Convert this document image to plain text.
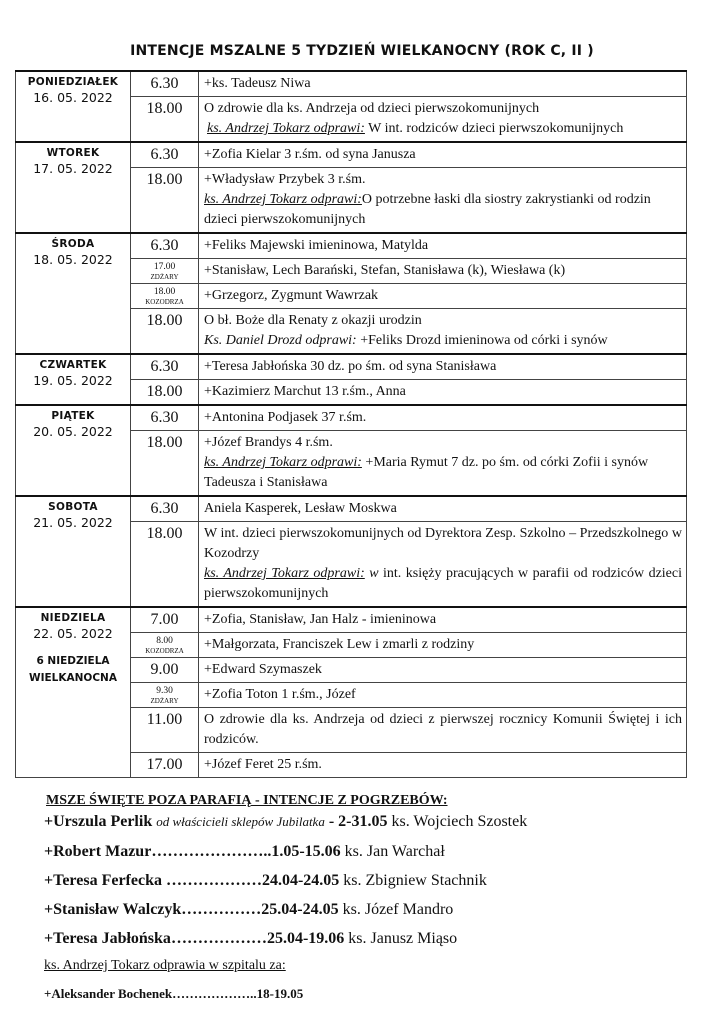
INTENCJE MSZALNE 5 TYDZIEŃ WIELKANOCNY (ROK C, II )
PONIEDZIAŁEK
16. 05. 2022	6.30	+ks. Tadeusz Niwa

	18.00	O zdrowie dla ks. Andrzeja od dzieci pierwszokomunijnych
ks. Andrzej Tokarz odprawi: W int. rodziców dzieci pierwszokomunijnych

WTOREK
17. 05. 2022	6.30	+Zofia Kielar 3 r.śm. od syna Janusza

	18.00	+Władysław Przybek 3 r.śm.
ks. Andrzej Tokarz odprawi:O potrzebne łaski dla siostry zakrystianki od rodzin dzieci pierwszokomunijnych

ŚRODA
18. 05. 2022	6.30	+Feliks Majewski imieninowa, Matylda

	17.00
ZDŻARY	+Stanisław, Lech Barański, Stefan, Stanisława (k), Wiesława (k)

	18.00
KOZODRZA	+Grzegorz, Zygmunt Wawrzak

	18.00	O bł. Boże dla Renaty z okazji urodzin
Ks. Daniel Drozd odprawi: +Feliks Drozd imieninowa od córki i synów

CZWARTEK
19. 05. 2022	6.30	+Teresa Jabłońska 30 dz. po śm. od syna Stanisława

	18.00	+Kazimierz Marchut 13 r.śm., Anna

PIĄTEK
20. 05. 2022	6.30	+Antonina Podjasek 37 r.śm.

	18.00	+Józef Brandys 4 r.śm.
ks. Andrzej Tokarz odprawi: +Maria Rymut 7 dz. po śm. od córki Zofii i synów Tadeusza i Stanisława

SOBOTA
21. 05. 2022	6.30	Aniela Kasperek, Lesław Moskwa

	18.00	W int. dzieci pierwszokomunijnych od Dyrektora Zesp. Szkolno – Przedszkolnego w Kozodrzy
ks. Andrzej Tokarz odprawi: w int. księży pracujących w parafii od rodziców dzieci pierwszokomunijnych

NIEDZIELA
22. 05. 2022
6 NIEDZIELA
WIELKANOCNA	7.00	+Zofia, Stanisław, Jan Halz - imieninowa

	8.00
KOZODRZA	+Małgorzata, Franciszek Lew i zmarli z rodziny

	9.00	+Edward Szymaszek

	9.30
ZDŻARY	+Zofia Toton 1 r.śm., Józef

	11.00	O zdrowie dla ks. Andrzeja od dzieci z pierwszej rocznicy Komunii Świętej i ich rodziców.

	17.00	+Józef Feret 25 r.śm.
MSZE ŚWIĘTE POZA PARAFIĄ - INTENCJE Z POGRZEBÓW:
+Urszula Perlik od właścicieli sklepów Jubilatka - 2-31.05 ks. Wojciech Szostek
+Robert Mazur…………………..1.05-15.06 ks. Jan Warchał
+Teresa Ferfecka ………………24.04-24.05 ks. Zbigniew Stachnik
+Stanisław Walczyk……………25.04-24.05 ks. Józef Mandro
+Teresa Jabłońska………………25.04-19.06 ks. Janusz Miąso
ks. Andrzej Tokarz odprawia w szpitalu za:
+Aleksander Bochenek………………..18-19.05
